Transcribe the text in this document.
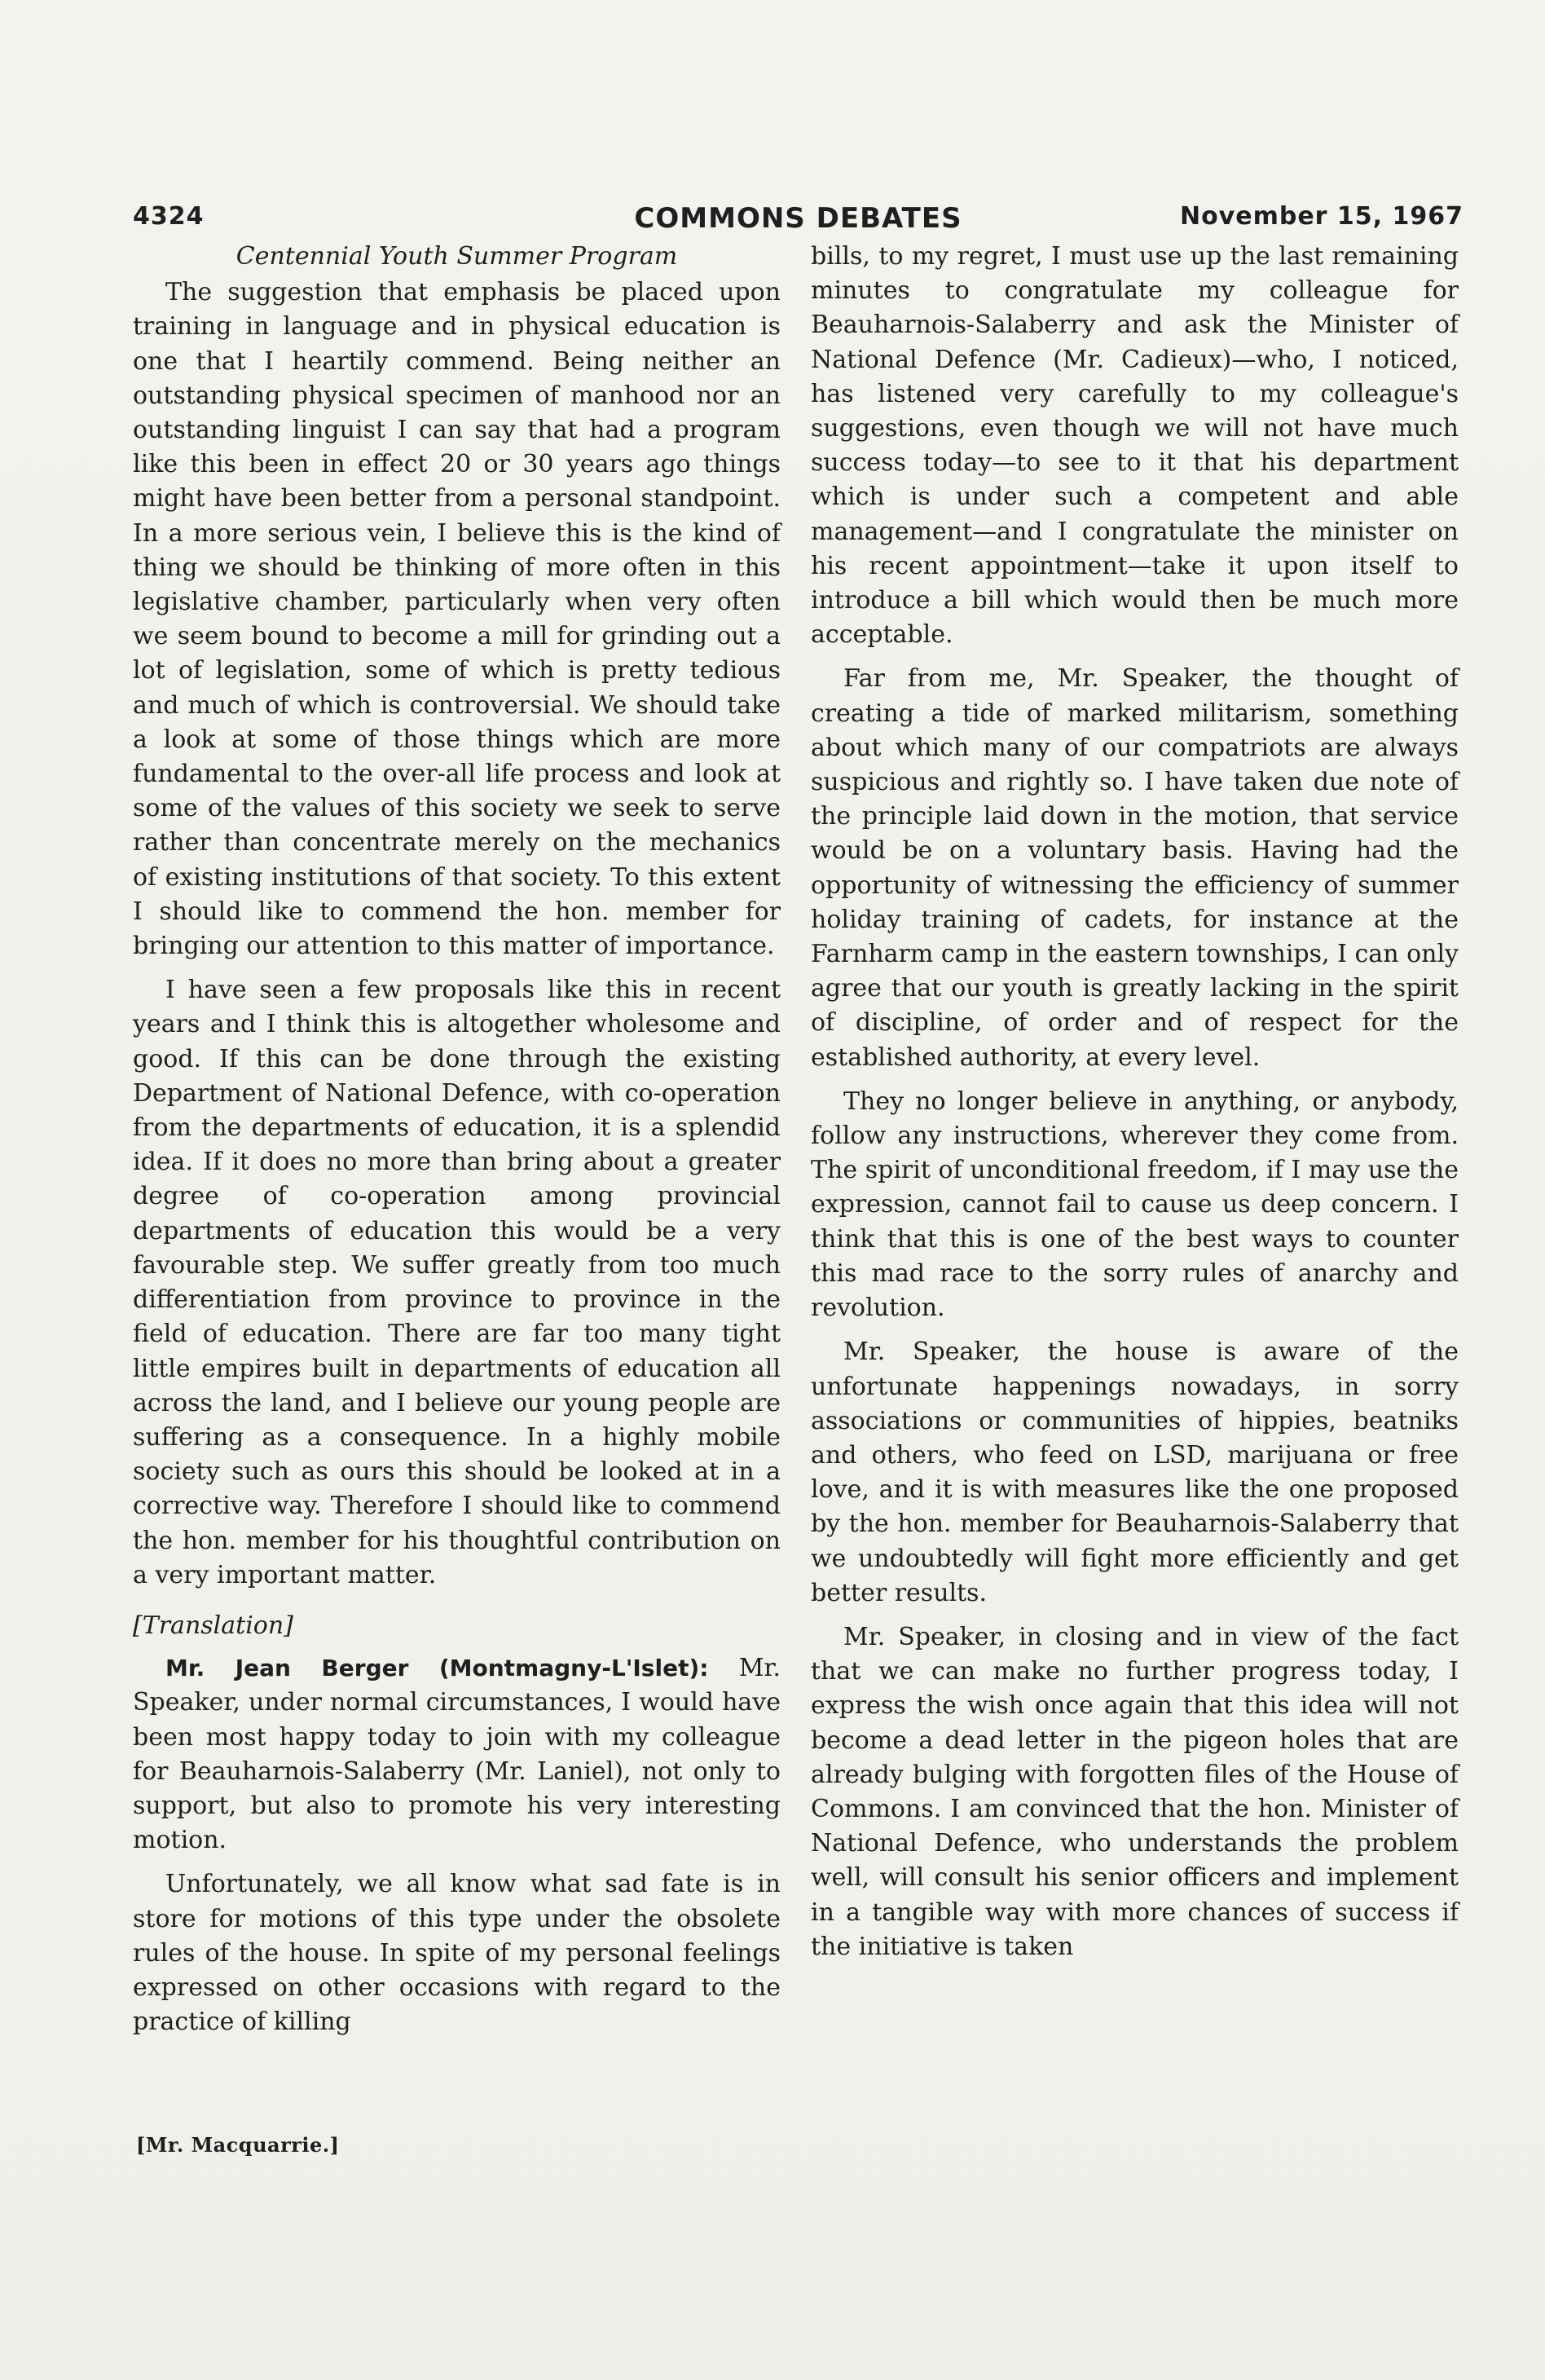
4324	COMMONS DEBATES	November 15, 1967
Centennial Youth Summer Program

The suggestion that emphasis be placed upon training in language and in physical education is one that I heartily commend. Being neither an outstanding physical specimen of manhood nor an outstanding linguist I can say that had a program like this been in effect 20 or 30 years ago things might have been better from a personal standpoint. In a more serious vein, I believe this is the kind of thing we should be thinking of more often in this legislative chamber, particularly when very often we seem bound to become a mill for grinding out a lot of legislation, some of which is pretty tedious and much of which is controversial. We should take a look at some of those things which are more fundamental to the over-all life process and look at some of the values of this society we seek to serve rather than concentrate merely on the mechanics of existing institutions of that society. To this extent I should like to commend the hon. member for bringing our attention to this matter of importance.

I have seen a few proposals like this in recent years and I think this is altogether wholesome and good. If this can be done through the existing Department of National Defence, with co-operation from the departments of education, it is a splendid idea. If it does no more than bring about a greater degree of co-operation among provincial departments of education this would be a very favourable step. We suffer greatly from too much differentiation from province to province in the field of education. There are far too many tight little empires built in departments of education all across the land, and I believe our young people are suffering as a consequence. In a highly mobile society such as ours this should be looked at in a corrective way. Therefore I should like to commend the hon. member for his thoughtful contribution on a very important matter.

[Translation]

Mr. Jean Berger (Montmagny-L'Islet): Mr. Speaker, under normal circumstances, I would have been most happy today to join with my colleague for Beauharnois-Salaberry (Mr. Laniel), not only to support, but also to promote his very interesting motion.

Unfortunately, we all know what sad fate is in store for motions of this type under the obsolete rules of the house. In spite of my personal feelings expressed on other occasions with regard to the practice of killing

bills, to my regret, I must use up the last remaining minutes to congratulate my colleague for Beauharnois-Salaberry and ask the Minister of National Defence (Mr. Cadieux)—who, I noticed, has listened very carefully to my colleague's suggestions, even though we will not have much success today—to see to it that his department which is under such a competent and able management—and I congratulate the minister on his recent appointment—take it upon itself to introduce a bill which would then be much more acceptable.

Far from me, Mr. Speaker, the thought of creating a tide of marked militarism, something about which many of our compatriots are always suspicious and rightly so. I have taken due note of the principle laid down in the motion, that service would be on a voluntary basis. Having had the opportunity of witnessing the efficiency of summer holiday training of cadets, for instance at the Farnharm camp in the eastern townships, I can only agree that our youth is greatly lacking in the spirit of discipline, of order and of respect for the established authority, at every level.

They no longer believe in anything, or anybody, follow any instructions, wherever they come from. The spirit of unconditional freedom, if I may use the expression, cannot fail to cause us deep concern. I think that this is one of the best ways to counter this mad race to the sorry rules of anarchy and revolution.

Mr. Speaker, the house is aware of the unfortunate happenings nowadays, in sorry associations or communities of hippies, beatniks and others, who feed on LSD, marijuana or free love, and it is with measures like the one proposed by the hon. member for Beauharnois-Salaberry that we undoubtedly will fight more efficiently and get better results.

Mr. Speaker, in closing and in view of the fact that we can make no further progress today, I express the wish once again that this idea will not become a dead letter in the pigeon holes that are already bulging with forgotten files of the House of Commons. I am convinced that the hon. Minister of National Defence, who understands the problem well, will consult his senior officers and implement in a tangible way with more chances of success if the initiative is taken

[Mr. Macquarrie.]
